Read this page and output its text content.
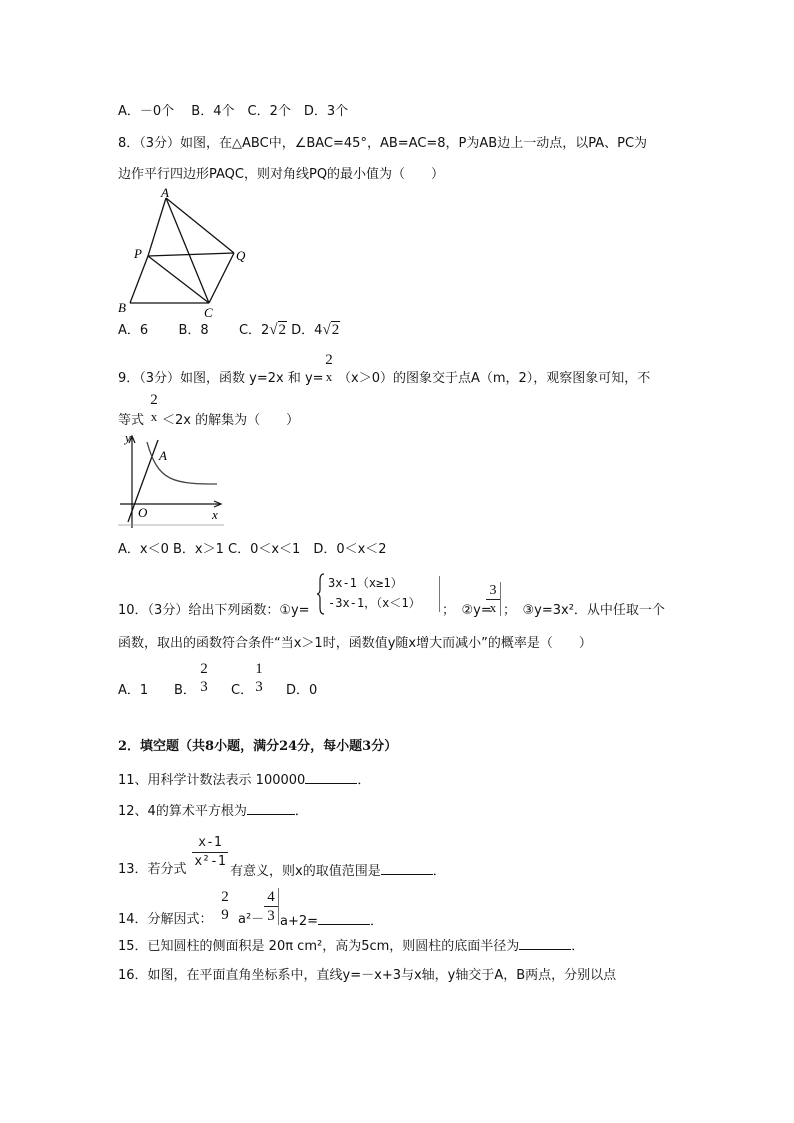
A．－0个　 B．4个　C．2个　D．3个
8．（3分）如图，在△ABC中，∠BAC=45°，AB=AC=8，P为AB边上一动点，以PA、PC为
边作平行四边形PAQC，则对角线PQ的最小值为（　　）
A
P	Q
B	C
A．6 B．8 C．2√2 D．4√2
9．（3分）如图，函数 y=2x 和 y=
2
x （x＞0）的图象交于点A（m，2），观察图象可知，不
等式
2
x ＜2x 的解集为（　　）
y
A
O	x
A．x＜0 B．x＞1 C．0＜x＜1　D．0＜x＜2
10．（3分）给出下列函数：①y=
3x-1（x≥1）
-3x-1，（x＜1） ；　②y=
3
x ；　③y=3x²．从中任取一个
函数，取出的函数符合条件“当x＞1时，函数值y随x增大而减小”的概率是（　　）
A．1 B．
2
3 C．
1
3 D．0
2．填空题（共8小题，满分24分，每小题3分）
11、用科学计数法表示 100000	．
12、4的算术平方根为	．
13．若分式
x-1
x²-1
有意义，则x的取值范围是	．
14．分解因式：
2
9 a²－
4
3 a+2=	．
15．已知圆柱的侧面积是 20π cm²，高为5cm，则圆柱的底面半径为	．
16．如图，在平面直角坐标系中，直线y=－x+3与x轴，y轴交于A，B两点，分别以点
